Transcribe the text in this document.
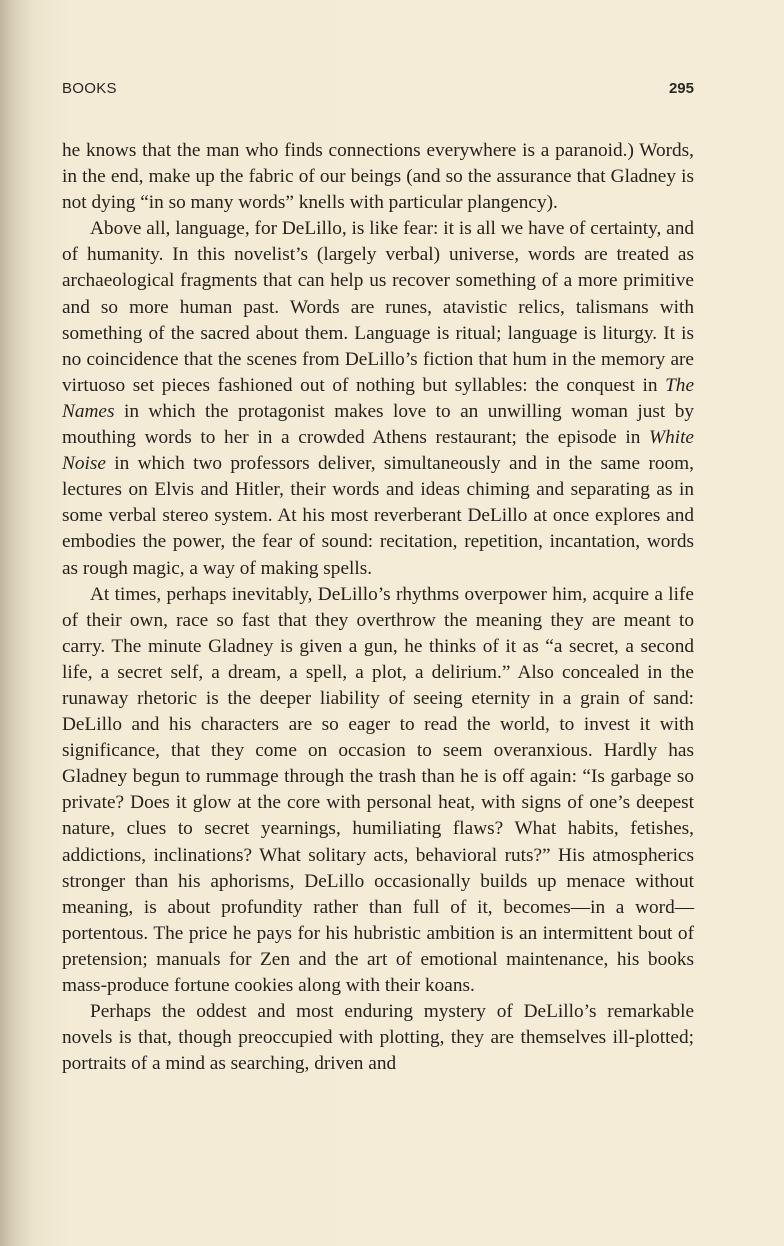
BOOKS	295

he knows that the man who finds connections everywhere is a paranoid.) Words, in the end, make up the fabric of our beings (and so the assurance that Gladney is not dying “in so many words” knells with particular plangency).

Above all, language, for DeLillo, is like fear: it is all we have of certainty, and of humanity. In this novelist’s (largely verbal) universe, words are treated as archaeological fragments that can help us recover something of a more primitive and so more human past. Words are runes, atavistic relics, talismans with something of the sacred about them. Language is ritual; language is liturgy. It is no coincidence that the scenes from DeLillo’s fiction that hum in the memory are virtuoso set pieces fashioned out of nothing but syllables: the conquest in The Names in which the protagonist makes love to an unwilling woman just by mouthing words to her in a crowded Athens restaurant; the episode in White Noise in which two professors deliver, simultaneously and in the same room, lectures on Elvis and Hitler, their words and ideas chiming and separating as in some verbal stereo system. At his most reverberant DeLillo at once explores and embodies the power, the fear of sound: recitation, repetition, incantation, words as rough magic, a way of making spells.

At times, perhaps inevitably, DeLillo’s rhythms overpower him, acquire a life of their own, race so fast that they overthrow the meaning they are meant to carry. The minute Gladney is given a gun, he thinks of it as “a secret, a second life, a secret self, a dream, a spell, a plot, a delirium.” Also concealed in the runaway rhetoric is the deeper liability of seeing eternity in a grain of sand: DeLillo and his characters are so eager to read the world, to invest it with significance, that they come on occasion to seem overanxious. Hardly has Gladney begun to rummage through the trash than he is off again: “Is garbage so private? Does it glow at the core with personal heat, with signs of one’s deepest nature, clues to secret yearnings, humiliating flaws? What habits, fetishes, addictions, inclinations? What solitary acts, behavioral ruts?” His atmospherics stronger than his aphorisms, DeLillo occasionally builds up menace without meaning, is about profundity rather than full of it, becomes—in a word—portentous. The price he pays for his hubristic ambition is an intermittent bout of pretension; manuals for Zen and the art of emotional maintenance, his books mass-produce fortune cookies along with their koans.

Perhaps the oddest and most enduring mystery of DeLillo’s remarkable novels is that, though preoccupied with plotting, they are themselves ill-plotted; portraits of a mind as searching, driven and
